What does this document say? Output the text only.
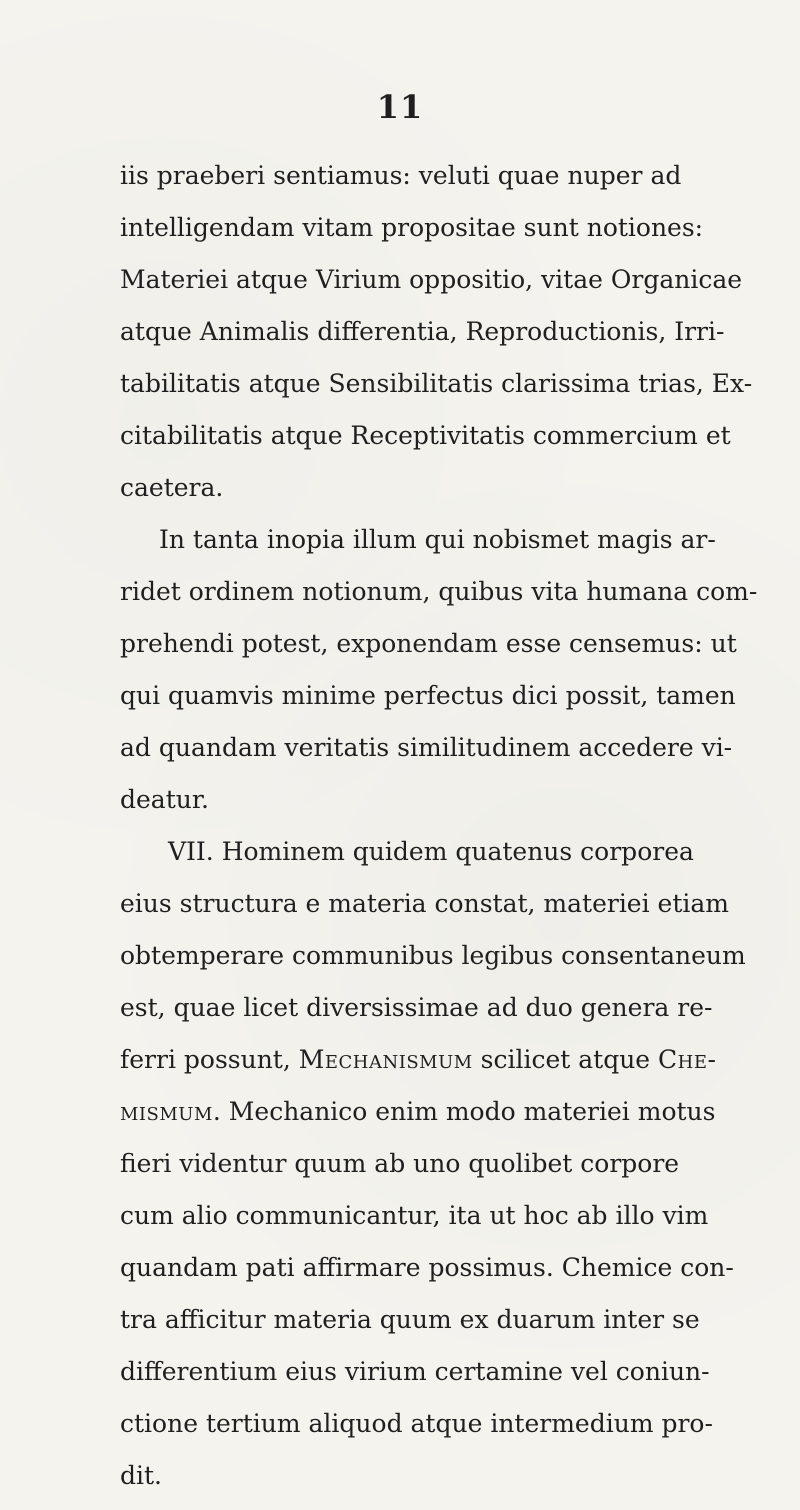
11
iis praeberi sentiamus: veluti quae nuper ad
intelligendam vitam propositae sunt notiones:
Materiei atque Virium oppositio, vitae Organicae
atque Animalis differentia, Reproductionis, Irri-
tabilitatis atque Sensibilitatis clarissima trias, Ex-
citabilitatis atque Receptivitatis commercium et
caetera.
In tanta inopia illum qui nobismet magis ar-
ridet ordinem notionum, quibus vita humana com-
prehendi potest, exponendam esse censemus: ut
qui quamvis minime perfectus dici possit, tamen
ad quandam veritatis similitudinem accedere vi-
deatur.
VII. Hominem quidem quatenus corporea
eius structura e materia constat, materiei etiam
obtemperare communibus legibus consentaneum
est, quae licet diversissimae ad duo genera re-
ferri possunt, Mechanismum scilicet atque Che-
mismum. Mechanico enim modo materiei motus
fieri videntur quum ab uno quolibet corpore
cum alio communicantur, ita ut hoc ab illo vim
quandam pati affirmare possimus. Chemice con-
tra afficitur materia quum ex duarum inter se
differentium eius virium certamine vel coniun-
ctione tertium aliquod atque intermedium pro-
dit.
